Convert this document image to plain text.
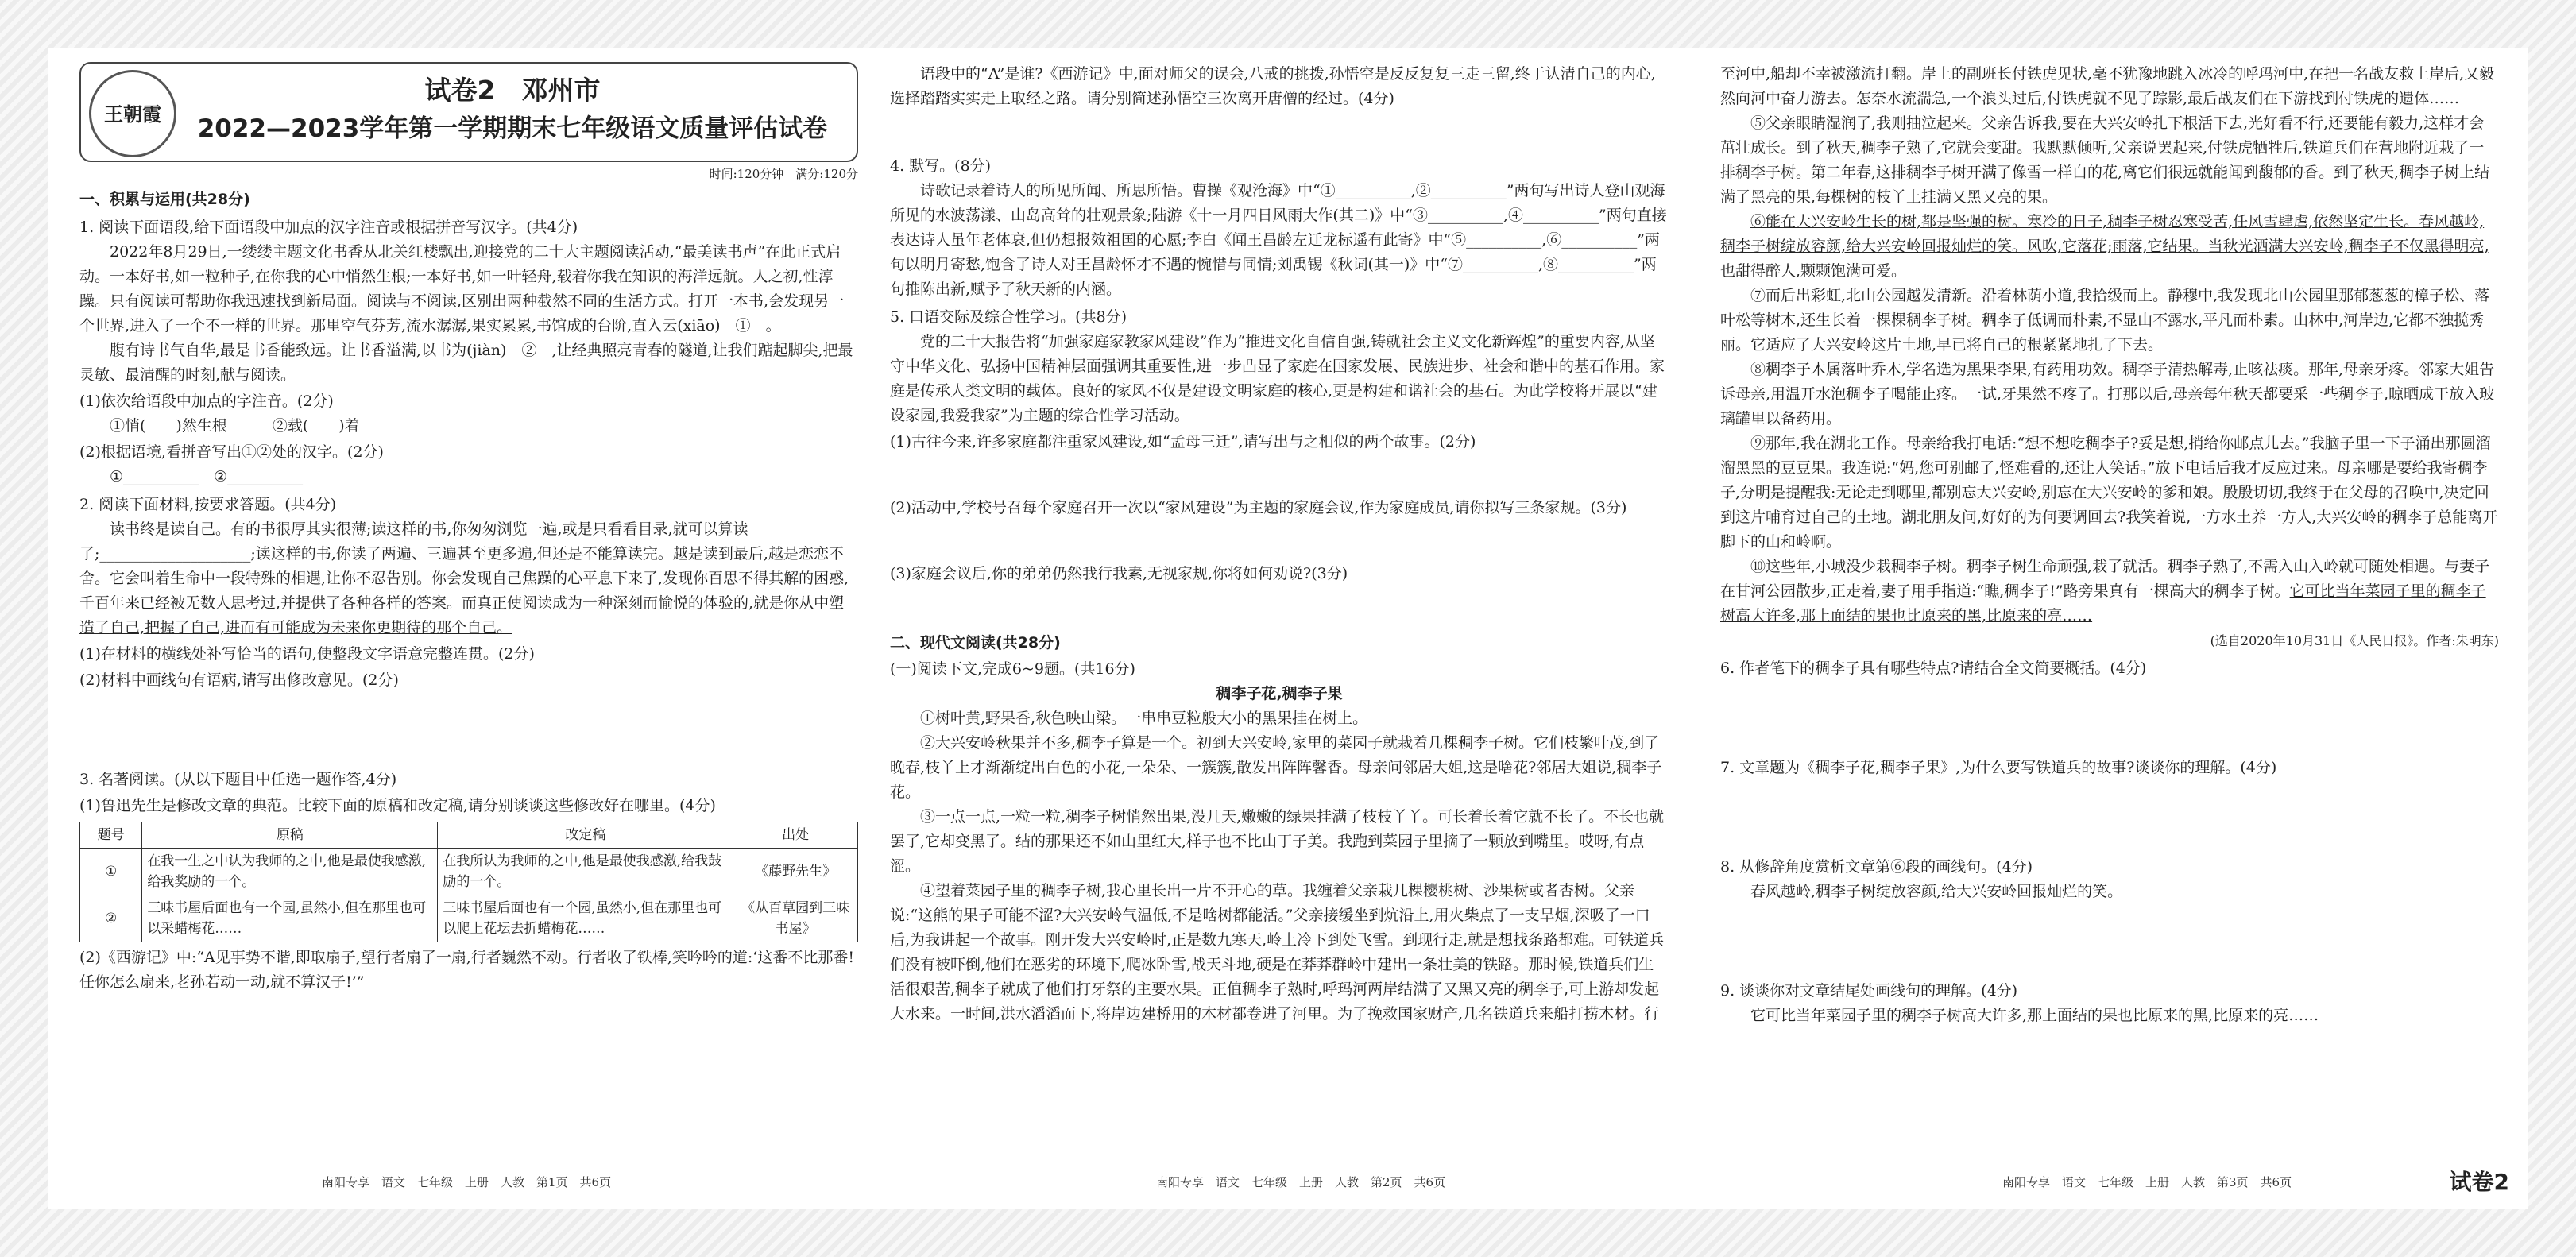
王朝霞
试卷2　邓州市
2022—2023学年第一学期期末七年级语文质量评估试卷
时间:120分钟　满分:120分

一、积累与运用(共28分)

1. 阅读下面语段,给下面语段中加点的汉字注音或根据拼音写汉字。(共4分)

2022年8月29日,一缕缕主题文化书香从北关红楼飘出,迎接党的二十大主题阅读活动,“最美读书声”在此正式启动。一本好书,如一粒种子,在你我的心中悄然生根;一本好书,如一叶轻舟,载着你我在知识的海洋远航。人之初,性淳躁。只有阅读可帮助你我迅速找到新局面。阅读与不阅读,区别出两种截然不同的生活方式。打开一本书,会发现另一个世界,进入了一个不一样的世界。那里空气芬芳,流水潺潺,果实累累,书馆成的台阶,直入云(xiāo)　①　。

腹有诗书气自华,最是书香能致远。让书香溢满,以书为(jiàn)　②　,让经典照亮青春的隧道,让我们踮起脚尖,把最灵敏、最清醒的时刻,献与阅读。

(1)依次给语段中加点的字注音。(2分)

①悄(　　)然生根　　　②载(　　)着

(2)根据语境,看拼音写出①②处的汉字。(2分)

①__________　②__________

2. 阅读下面材料,按要求答题。(共4分)

读书终是读自己。有的书很厚其实很薄;读这样的书,你匆匆浏览一遍,或是只看看目录,就可以算读了;____________________;读这样的书,你读了两遍、三遍甚至更多遍,但还是不能算读完。越是读到最后,越是恋恋不舍。它会叫着生命中一段特殊的相遇,让你不忍告别。你会发现自己焦躁的心平息下来了,发现你百思不得其解的困惑,千百年来已经被无数人思考过,并提供了各种各样的答案。而真正使阅读成为一种深刻而愉悦的体验的,就是你从中塑造了自己,把握了自己,进而有可能成为未来你更期待的那个自己。

(1)在材料的横线处补写恰当的语句,使整段文字语意完整连贯。(2分)

(2)材料中画线句有语病,请写出修改意见。(2分)

3. 名著阅读。(从以下题目中任选一题作答,4分)

(1)鲁迅先生是修改文章的典范。比较下面的原稿和改定稿,请分别谈谈这些修改好在哪里。(4分)

题号	原稿	改定稿	出处
①	在我一生之中认为我师的之中,他是最使我感激,给我奖励的一个。	在我所认为我师的之中,他是最使我感激,给我鼓励的一个。	《藤野先生》
②	三味书屋后面也有一个园,虽然小,但在那里也可以采蜡梅花……	三味书屋后面也有一个园,虽然小,但在那里也可以爬上花坛去折蜡梅花……	《从百草园到三味书屋》

(2)《西游记》中:“A见事势不谐,即取扇子,望行者扇了一扇,行者巍然不动。行者收了铁棒,笑吟吟的道:‘这番不比那番!任你怎么扇来,老孙若动一动,就不算汉子!’”

语段中的“A”是谁?《西游记》中,面对师父的误会,八戒的挑拨,孙悟空是反反复复三走三留,终于认清自己的内心,选择踏踏实实走上取经之路。请分别简述孙悟空三次离开唐僧的经过。(4分)

4. 默写。(8分)

诗歌记录着诗人的所见所闻、所思所悟。曹操《观沧海》中“①__________,②__________”两句写出诗人登山观海所见的水波荡漾、山岛高耸的壮观景象;陆游《十一月四日风雨大作(其二)》中“③__________,④__________”两句直接表达诗人虽年老体衰,但仍想报效祖国的心愿;李白《闻王昌龄左迁龙标遥有此寄》中“⑤__________,⑥__________”两句以明月寄愁,饱含了诗人对王昌龄怀才不遇的惋惜与同情;刘禹锡《秋词(其一)》中“⑦__________,⑧__________”两句推陈出新,赋予了秋天新的内涵。

5. 口语交际及综合性学习。(共8分)

党的二十大报告将“加强家庭家教家风建设”作为“推进文化自信自强,铸就社会主义文化新辉煌”的重要内容,从坚守中华文化、弘扬中国精神层面强调其重要性,进一步凸显了家庭在国家发展、民族进步、社会和谐中的基石作用。家庭是传承人类文明的载体。良好的家风不仅是建设文明家庭的核心,更是构建和谐社会的基石。为此学校将开展以“建设家园,我爱我家”为主题的综合性学习活动。

(1)古往今来,许多家庭都注重家风建设,如“孟母三迁”,请写出与之相似的两个故事。(2分)

(2)活动中,学校号召每个家庭召开一次以“家风建设”为主题的家庭会议,作为家庭成员,请你拟写三条家规。(3分)

(3)家庭会议后,你的弟弟仍然我行我素,无视家规,你将如何劝说?(3分)

二、现代文阅读(共28分)

(一)阅读下文,完成6~9题。(共16分)

稠李子花,稠李子果

①树叶黄,野果香,秋色映山梁。一串串豆粒般大小的黑果挂在树上。

②大兴安岭秋果并不多,稠李子算是一个。初到大兴安岭,家里的菜园子就栽着几棵稠李子树。它们枝繁叶茂,到了晚春,枝丫上才渐渐绽出白色的小花,一朵朵、一簇簇,散发出阵阵馨香。母亲问邻居大姐,这是啥花?邻居大姐说,稠李子花。

③一点一点,一粒一粒,稠李子树悄然出果,没几天,嫩嫩的绿果挂满了枝枝丫丫。可长着长着它就不长了。不长也就罢了,它却变黑了。结的那果还不如山里红大,样子也不比山丁子美。我跑到菜园子里摘了一颗放到嘴里。哎呀,有点涩。

④望着菜园子里的稠李子树,我心里长出一片不开心的草。我缠着父亲栽几棵樱桃树、沙果树或者杏树。父亲说:“这熊的果子可能不涩?大兴安岭气温低,不是啥树都能活。”父亲接缓坐到炕沿上,用火柴点了一支旱烟,深吸了一口后,为我讲起一个故事。刚开发大兴安岭时,正是数九寒天,岭上冷下到处飞雪。到现行走,就是想找条路都难。可铁道兵们没有被吓倒,他们在恶劣的环境下,爬冰卧雪,战天斗地,硬是在莽莽群岭中建出一条壮美的铁路。那时候,铁道兵们生活很艰苦,稠李子就成了他们打牙祭的主要水果。正值稠李子熟时,呼玛河两岸结满了又黑又亮的稠李子,可上游却发起大水来。一时间,洪水滔滔而下,将岸边建桥用的木材都卷进了河里。为了挽救国家财产,几名铁道兵来船打捞木材。行

至河中,船却不幸被激流打翻。岸上的副班长付铁虎见状,毫不犹豫地跳入冰冷的呼玛河中,在把一名战友救上岸后,又毅然向河中奋力游去。怎奈水流湍急,一个浪头过后,付铁虎就不见了踪影,最后战友们在下游找到付铁虎的遗体……

⑤父亲眼睛湿润了,我则抽泣起来。父亲告诉我,要在大兴安岭扎下根活下去,光好看不行,还要能有毅力,这样才会茁壮成长。到了秋天,稠李子熟了,它就会变甜。我默默倾听,父亲说罢起来,付铁虎牺牲后,铁道兵们在营地附近栽了一排稠李子树。第二年春,这排稠李子树开满了像雪一样白的花,离它们很远就能闻到馥郁的香。到了秋天,稠李子树上结满了黑亮的果,每棵树的枝丫上挂满又黑又亮的果。

⑥能在大兴安岭生长的树,都是坚强的树。寒冷的日子,稠李子树忍寒受苦,任风雪肆虐,依然坚定生长。春风越岭,稠李子树绽放容颜,给大兴安岭回报灿烂的笑。风吹,它落花;雨落,它结果。当秋光洒满大兴安岭,稠李子不仅黑得明亮,也甜得醉人,颗颗饱满可爱。

⑦而后出彩虹,北山公园越发清新。沿着林荫小道,我拾级而上。静穆中,我发现北山公园里那郁葱葱的樟子松、落叶松等树木,还生长着一棵棵稠李子树。稠李子低调而朴素,不显山不露水,平凡而朴素。山林中,河岸边,它都不独揽秀丽。它适应了大兴安岭这片土地,早已将自己的根紧紧地扎了下去。

⑧稠李子木属落叶乔木,学名选为黑果李果,有药用功效。稠李子清热解毒,止咳祛痰。那年,母亲牙疼。邻家大姐告诉母亲,用温开水泡稠李子喝能止疼。一试,牙果然不疼了。打那以后,母亲每年秋天都要采一些稠李子,晾晒成干放入玻璃罐里以备药用。

⑨那年,我在湖北工作。母亲给我打电话:“想不想吃稠李子?妥是想,捎给你邮点儿去。”我脑子里一下子涌出那圆溜溜黑黑的豆豆果。我连说:“妈,您可别邮了,怪难看的,还让人笑话。”放下电话后我才反应过来。母亲哪是要给我寄稠李子,分明是提醒我:无论走到哪里,都别忘大兴安岭,别忘在大兴安岭的爹和娘。殷殷切切,我终于在父母的召唤中,决定回到这片哺育过自己的土地。湖北朋友问,好好的为何要调回去?我笑着说,一方水土养一方人,大兴安岭的稠李子总能离开脚下的山和岭啊。

⑩这些年,小城没少栽稠李子树。稠李子树生命顽强,栽了就活。稠李子熟了,不需入山入岭就可随处相遇。与妻子在甘河公园散步,正走着,妻子用手指道:“瞧,稠李子!”路旁果真有一棵高大的稠李子树。它可比当年菜园子里的稠李子树高大许多,那上面结的果也比原来的黑,比原来的亮……

(选自2020年10月31日《人民日报》。作者:朱明东)

6. 作者笔下的稠李子具有哪些特点?请结合全文简要概括。(4分)

7. 文章题为《稠李子花,稠李子果》,为什么要写铁道兵的故事?谈谈你的理解。(4分)

8. 从修辞角度赏析文章第⑥段的画线句。(4分)

春风越岭,稠李子树绽放容颜,给大兴安岭回报灿烂的笑。

9. 谈谈你对文章结尾处画线句的理解。(4分)

它可比当年菜园子里的稠李子树高大许多,那上面结的果也比原来的黑,比原来的亮……

南阳专享　语文　七年级　上册　人教　第1页　共6页	南阳专享　语文　七年级　上册　人教　第2页　共6页	南阳专享　语文　七年级　上册　人教　第3页　共6页	试卷2
